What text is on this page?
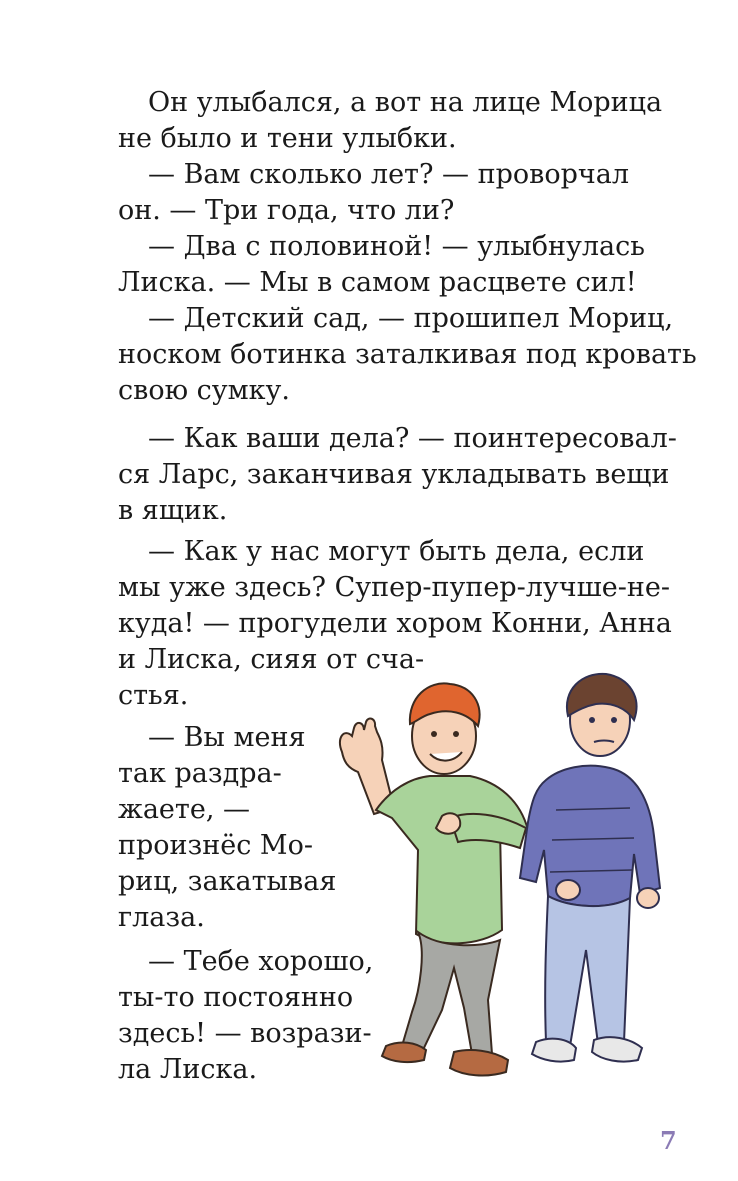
Он улыбался, а вот на лице Морица
не было и тени улыбки.
— Вам сколько лет? — проворчал
он. — Три года, что ли?
— Два с половиной! — улыбнулась
Лиска. — Мы в самом расцвете сил!
— Детский сад, — прошипел Мориц,
носком ботинка заталкивая под кровать
свою сумку.
— Как ваши дела? — поинтересовал-
ся Ларс, заканчивая укладывать вещи
в ящик.
— Как у нас могут быть дела, если
мы уже здесь? Супер-пупер-лучше-не-
куда! — прогудели хором Конни, Анна
и Лиска, сияя от сча-
стья.
— Вы меня
так раздра-
жаете, —
произнёс Мо-
риц, закатывая
глаза.
— Тебе хорошо,
ты-то постоянно
здесь! — возрази-
ла Лиска.
7
